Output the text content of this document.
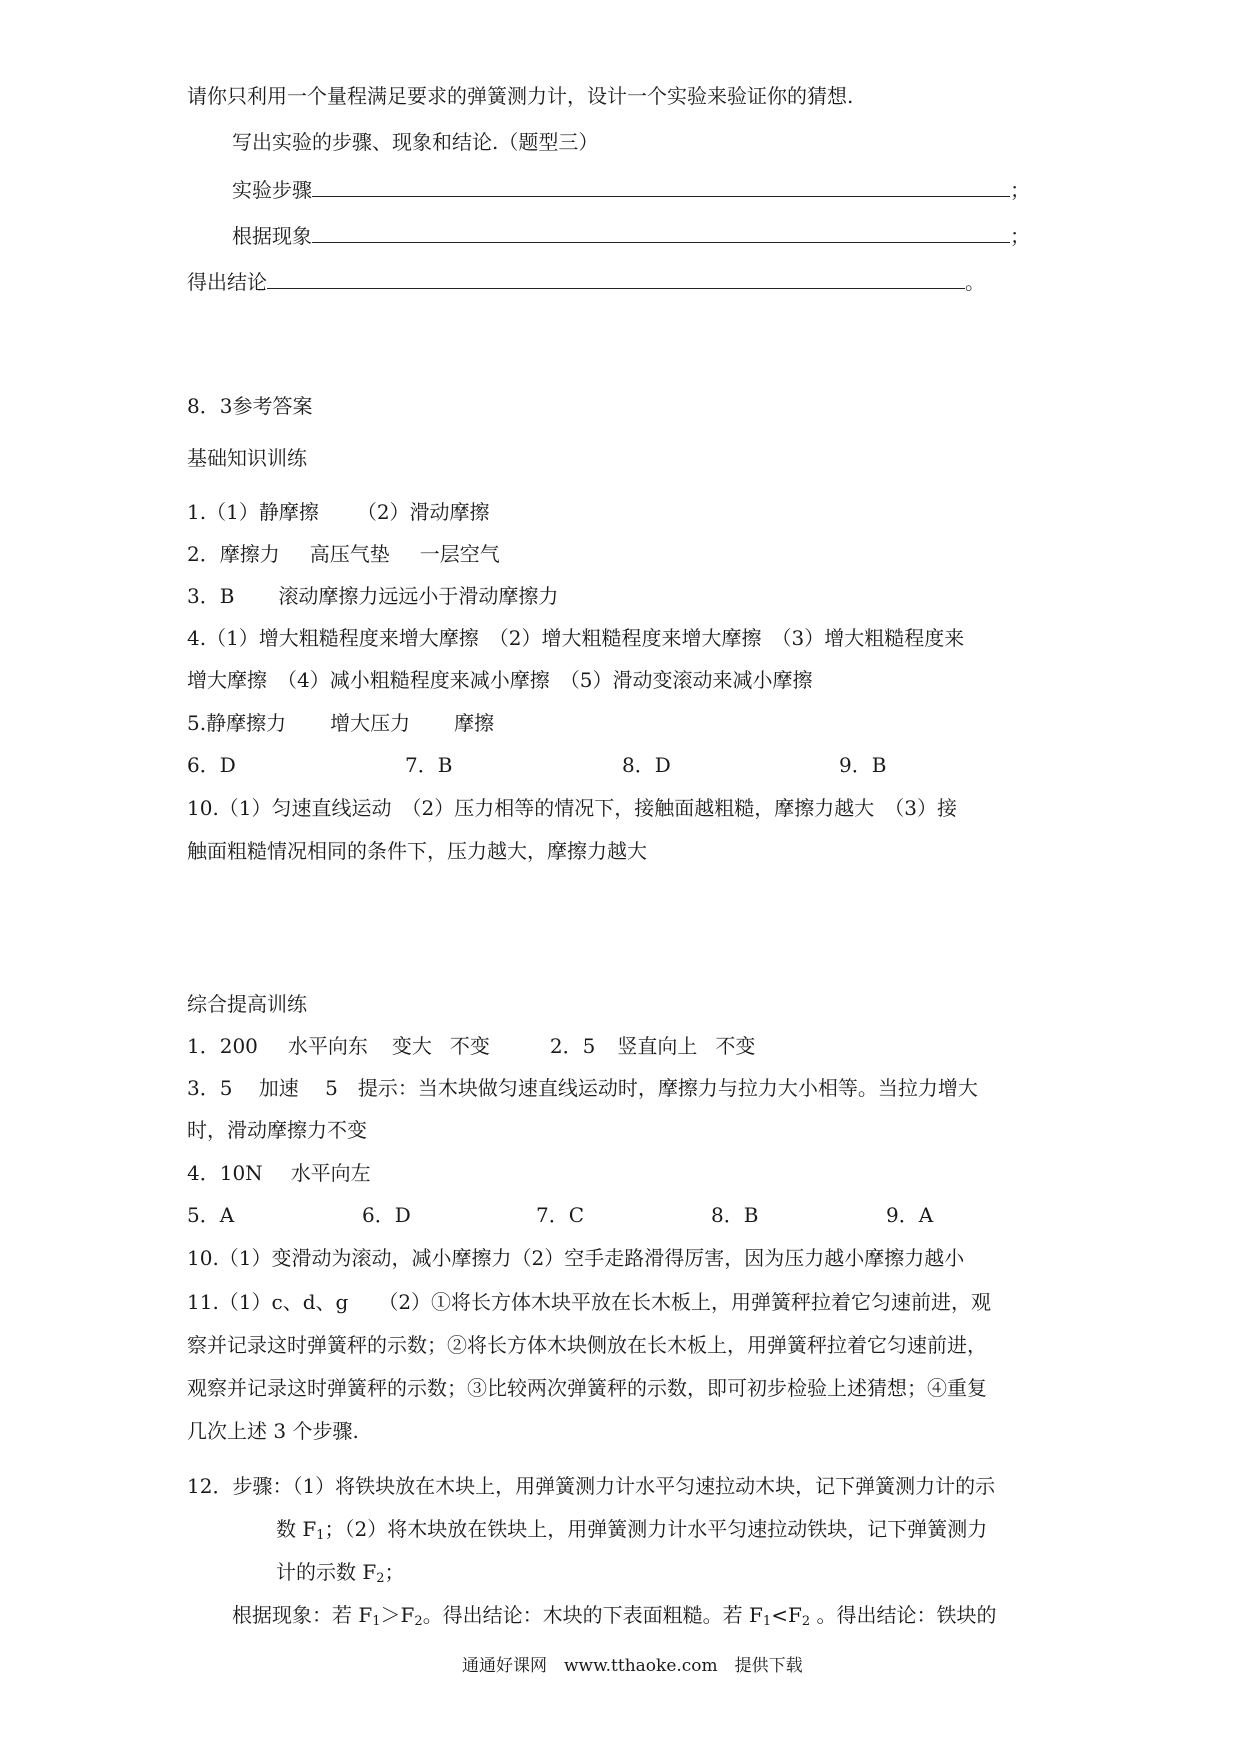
请你只利用一个量程满足要求的弹簧测力计，设计一个实验来验证你的猜想.
写出实验的步骤、现象和结论.（题型三）
实验步骤	；
根据现象	；
得出结论	。
8．3参考答案
基础知识训练
1.（1）静摩擦 （2）滑动摩擦
2．摩擦力 高压气垫 一层空气
3．B 滚动摩擦力远远小于滑动摩擦力
4.（1）增大粗糙程度来增大摩擦　（2）增大粗糙程度来增大摩擦　（3）增大粗糙程度来
增大摩擦　（4）减小粗糙程度来减小摩擦　（5）滑动变滚动来减小摩擦
5.静摩擦力 增大压力 摩擦
6．D	7．B	8．D	9．B
10.（1）匀速直线运动　（2）压力相等的情况下，接触面越粗糙，摩擦力越大　（3）接
触面粗糙情况相同的条件下，压力越大，摩擦力越大
综合提高训练
1．200 水平向东 变大 不变	2．5 竖直向上 不变
3．5　 加速　 5　提示：当木块做匀速直线运动时，摩擦力与拉力大小相等。当拉力增大
时，滑动摩擦力不变
4．10N 水平向左
5．A	6．D	7．C	8．B	9．A
10.（1）变滑动为滚动，减小摩擦力（2）空手走路滑得厉害，因为压力越小摩擦力越小
11.（1）c、d、g　　（2）①将长方体木块平放在长木板上，用弹簧秤拉着它匀速前进，观
察并记录这时弹簧秤的示数；②将长方体木块侧放在长木板上，用弹簧秤拉着它匀速前进，
观察并记录这时弹簧秤的示数；③比较两次弹簧秤的示数，即可初步检验上述猜想；④重复
几次上述 3 个步骤.
12．步骤：（1）将铁块放在木块上，用弹簧测力计水平匀速拉动木块，记下弹簧测力计的示
数 $F_1$；（2）将木块放在铁块上，用弹簧测力计水平匀速拉动铁块，记下弹簧测力
计的示数 $F_2$；
根据现象：若 $F_1>F_2$。得出结论：木块的下表面粗糙。若 $F_1<F_2$ 。得出结论：铁块的
通通好课网　www.tthaoke.com　提供下载
